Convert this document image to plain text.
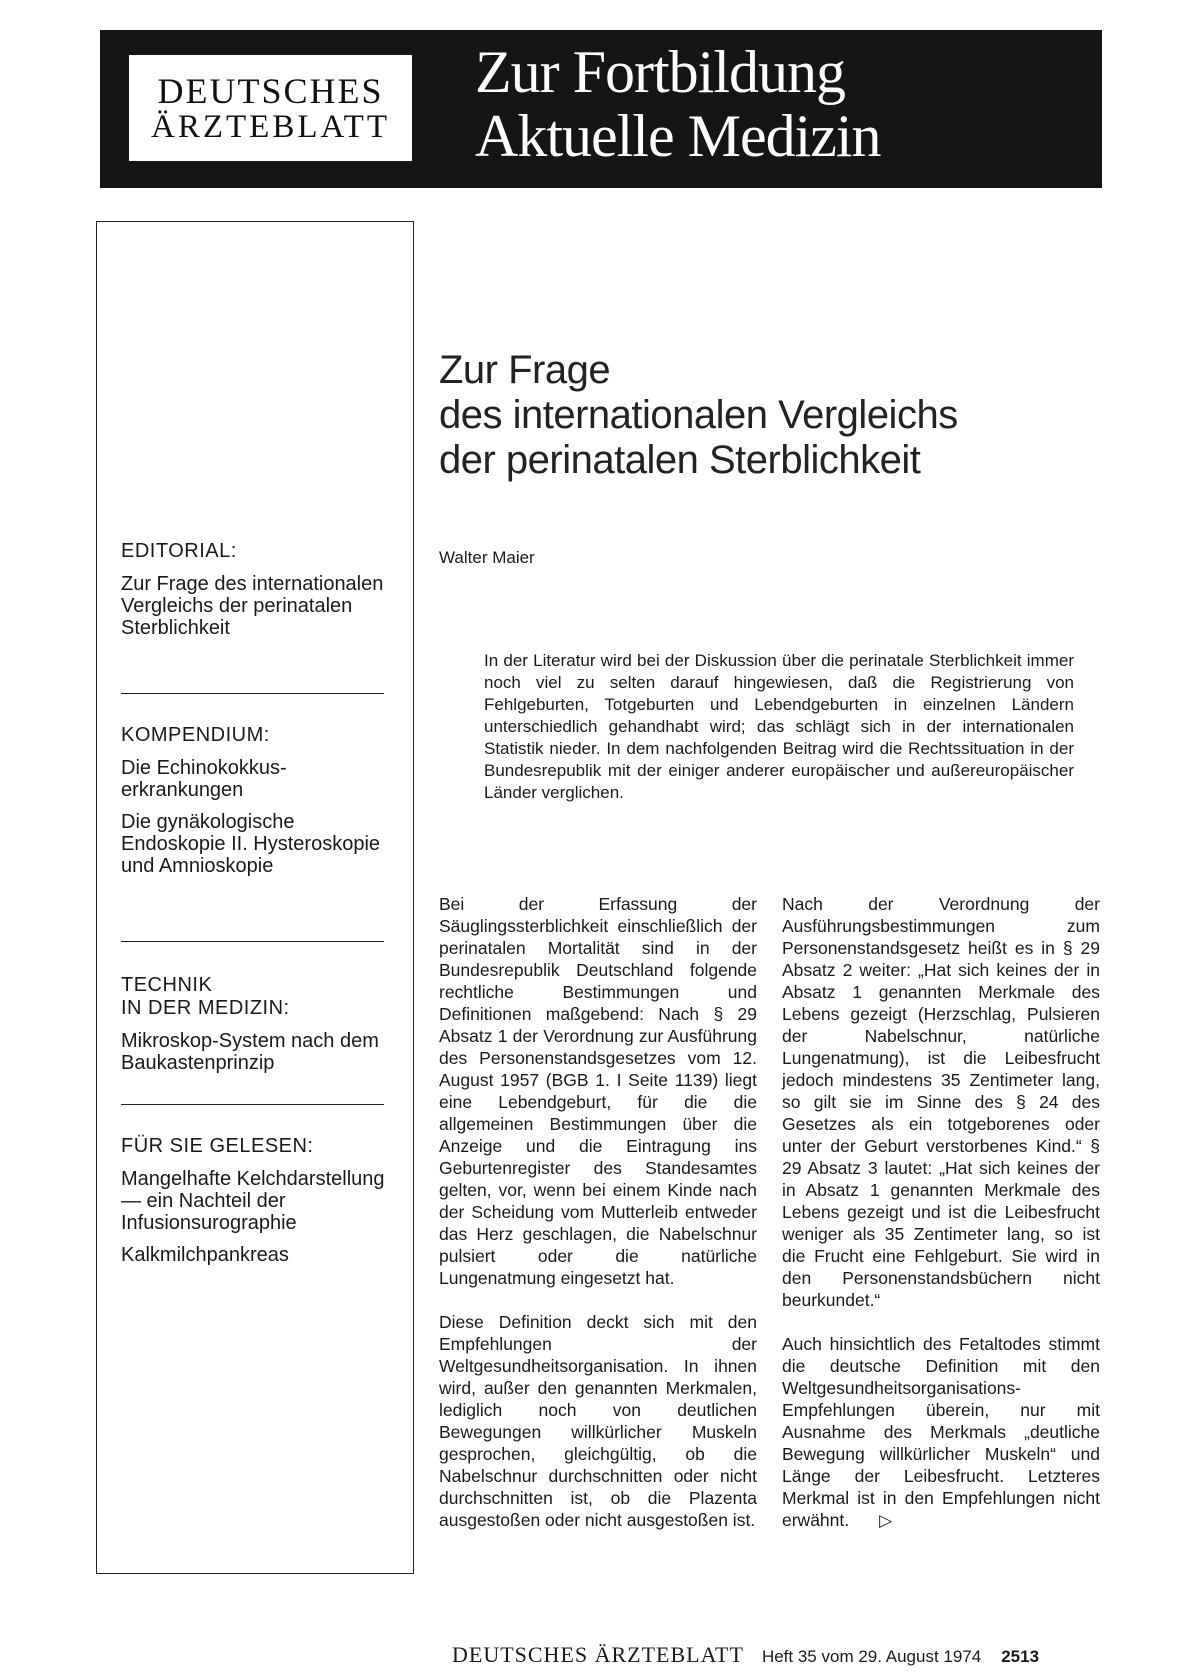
DEUTSCHES
ÄRZTEBLATT
Zur Fortbildung
Aktuelle Medizin
EDITORIAL:
Zur Frage des internationalen Vergleichs der perinatalen Sterblichkeit
KOMPENDIUM:
Die Echinokokkus-erkrankungen
Die gynäkologische Endoskopie II. Hysteroskopie und Amnioskopie
TECHNIK
IN DER MEDIZIN:
Mikroskop-System nach dem Baukastenprinzip
FÜR SIE GELESEN:
Mangelhafte Kelchdarstellung — ein Nachteil der Infusionsurographie
Kalkmilchpankreas
Zur Frage
des internationalen Vergleichs
der perinatalen Sterblichkeit
Walter Maier
In der Literatur wird bei der Diskussion über die perinatale Sterblichkeit immer noch viel zu selten darauf hingewiesen, daß die Registrierung von Fehlgeburten, Totgeburten und Lebendgeburten in einzelnen Ländern unterschiedlich gehandhabt wird; das schlägt sich in der internationalen Statistik nieder. In dem nachfolgenden Beitrag wird die Rechtssituation in der Bundesrepublik mit der einiger anderer europäischer und außereuropäischer Länder verglichen.

Bei der Erfassung der Säuglingssterblichkeit einschließlich der perinatalen Mortalität sind in der Bundesrepublik Deutschland folgende rechtliche Bestimmungen und Definitionen maßgebend: Nach § 29 Absatz 1 der Verordnung zur Ausführung des Personenstandsgesetzes vom 12. August 1957 (BGB 1. I Seite 1139) liegt eine Lebendgeburt, für die die allgemeinen Bestimmungen über die Anzeige und die Eintragung ins Geburtenregister des Standesamtes gelten, vor, wenn bei einem Kinde nach der Scheidung vom Mutterleib entweder das Herz geschlagen, die Nabelschnur pulsiert oder die natürliche Lungenatmung eingesetzt hat.

Diese Definition deckt sich mit den Empfehlungen der Weltgesundheitsorganisation. In ihnen wird, außer den genannten Merkmalen, lediglich noch von deutlichen Bewegungen willkürlicher Muskeln gesprochen, gleichgültig, ob die Nabelschnur durchschnitten oder nicht durchschnitten ist, ob die Plazenta ausgestoßen oder nicht ausgestoßen ist.

Nach der Verordnung der Ausführungsbestimmungen zum Personenstandsgesetz heißt es in § 29 Absatz 2 weiter: „Hat sich keines der in Absatz 1 genannten Merkmale des Lebens gezeigt (Herzschlag, Pulsieren der Nabelschnur, natürliche Lungenatmung), ist die Leibesfrucht jedoch mindestens 35 Zentimeter lang, so gilt sie im Sinne des § 24 des Gesetzes als ein totgeborenes oder unter der Geburt verstorbenes Kind.“ § 29 Absatz 3 lautet: „Hat sich keines der in Absatz 1 genannten Merkmale des Lebens gezeigt und ist die Leibesfrucht weniger als 35 Zentimeter lang, so ist die Frucht eine Fehlgeburt. Sie wird in den Personenstandsbüchern nicht beurkundet.“

Auch hinsichtlich des Fetaltodes stimmt die deutsche Definition mit den Weltgesundheitsorganisations-Empfehlungen überein, nur mit Ausnahme des Merkmals „deutliche Bewegung willkürlicher Muskeln“ und Länge der Leibesfrucht. Letzteres Merkmal ist in den Empfehlungen nicht erwähnt. ▷

DEUTSCHES ÄRZTEBLATT Heft 35 vom 29. August 1974 2513
